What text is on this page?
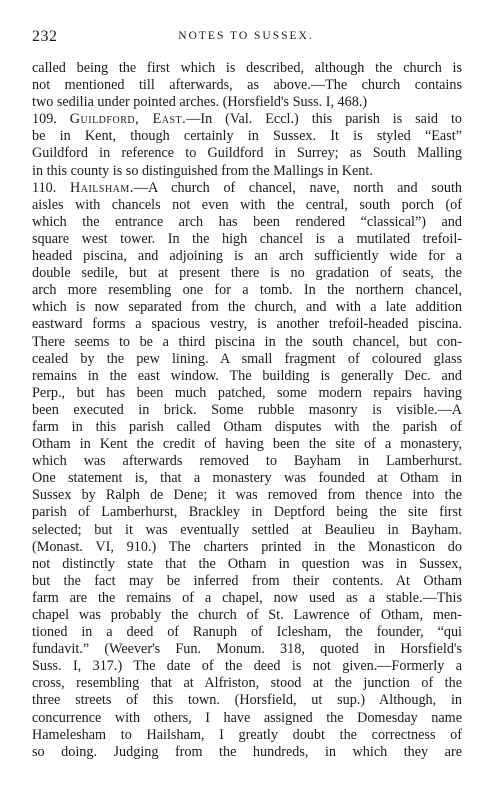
232	NOTES TO SUSSEX.
called being the first which is described, although the church is
not mentioned till afterwards, as above.—The church contains
two sedilia under pointed arches. (Horsfield's Suss. I, 468.)
109. Guildford, East.—In (Val. Eccl.) this parish is said to
be in Kent, though certainly in Sussex. It is styled “East”
Guildford in reference to Guildford in Surrey; as South Malling
in this county is so distinguished from the Mallings in Kent.
110. Hailsham.—A church of chancel, nave, north and south
aisles with chancels not even with the central, south porch (of
which the entrance arch has been rendered “classical”) and
square west tower. In the high chancel is a mutilated trefoil-
headed piscina, and adjoining is an arch sufficiently wide for a
double sedile, but at present there is no gradation of seats, the
arch more resembling one for a tomb. In the northern chancel,
which is now separated from the church, and with a late addition
eastward forms a spacious vestry, is another trefoil-headed piscina.
There seems to be a third piscina in the south chancel, but con-
cealed by the pew lining. A small fragment of coloured glass
remains in the east window. The building is generally Dec. and
Perp., but has been much patched, some modern repairs having
been executed in brick. Some rubble masonry is visible.—A
farm in this parish called Otham disputes with the parish of
Otham in Kent the credit of having been the site of a monastery,
which was afterwards removed to Bayham in Lamberhurst.
One statement is, that a monastery was founded at Otham in
Sussex by Ralph de Dene; it was removed from thence into the
parish of Lamberhurst, Brackley in Deptford being the site first
selected; but it was eventually settled at Beaulieu in Bayham.
(Monast. VI, 910.) The charters printed in the Monasticon do
not distinctly state that the Otham in question was in Sussex,
but the fact may be inferred from their contents. At Otham
farm are the remains of a chapel, now used as a stable.—This
chapel was probably the church of St. Lawrence of Otham, men-
tioned in a deed of Ranuph of Iclesham, the founder, “qui
fundavit.” (Weever's Fun. Monum. 318, quoted in Horsfield's
Suss. I, 317.) The date of the deed is not given.—Formerly a
cross, resembling that at Alfriston, stood at the junction of the
three streets of this town. (Horsfield, ut sup.) Although, in
concurrence with others, I have assigned the Domesday name
Hamelesham to Hailsham, I greatly doubt the correctness of
so doing. Judging from the hundreds, in which they are
